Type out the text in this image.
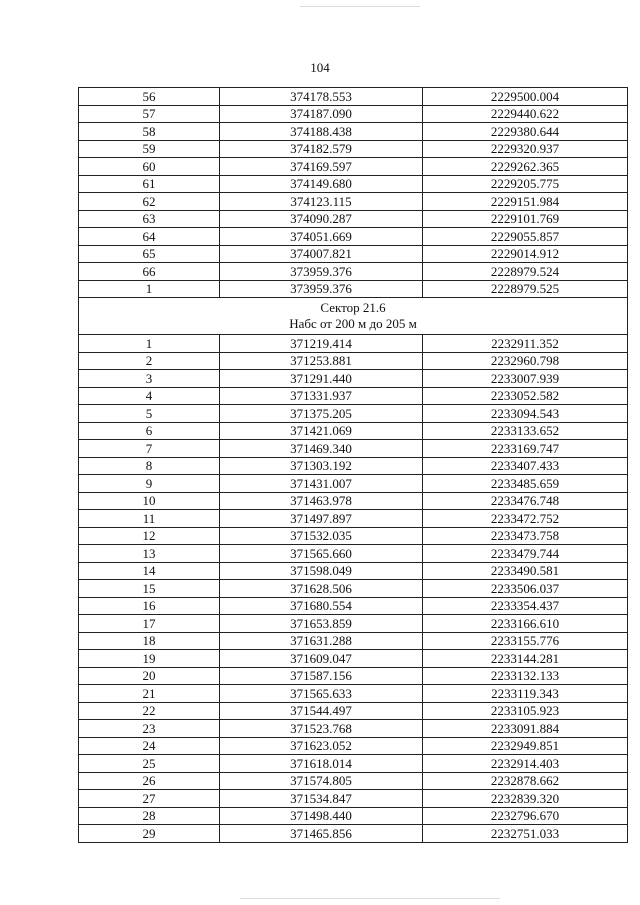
104
56	374178.553	2229500.004
57	374187.090	2229440.622
58	374188.438	2229380.644
59	374182.579	2229320.937
60	374169.597	2229262.365
61	374149.680	2229205.775
62	374123.115	2229151.984
63	374090.287	2229101.769
64	374051.669	2229055.857
65	374007.821	2229014.912
66	373959.376	2228979.524
1	373959.376	2228979.525

Сектор 21.6
Набс от 200 м до 205 м		

1	371219.414	2232911.352
2	371253.881	2232960.798
3	371291.440	2233007.939
4	371331.937	2233052.582
5	371375.205	2233094.543
6	371421.069	2233133.652
7	371469.340	2233169.747
8	371303.192	2233407.433
9	371431.007	2233485.659
10	371463.978	2233476.748
11	371497.897	2233472.752
12	371532.035	2233473.758
13	371565.660	2233479.744
14	371598.049	2233490.581
15	371628.506	2233506.037
16	371680.554	2233354.437
17	371653.859	2233166.610
18	371631.288	2233155.776
19	371609.047	2233144.281
20	371587.156	2233132.133
21	371565.633	2233119.343
22	371544.497	2233105.923
23	371523.768	2233091.884
24	371623.052	2232949.851
25	371618.014	2232914.403
26	371574.805	2232878.662
27	371534.847	2232839.320
28	371498.440	2232796.670
29	371465.856	2232751.033
